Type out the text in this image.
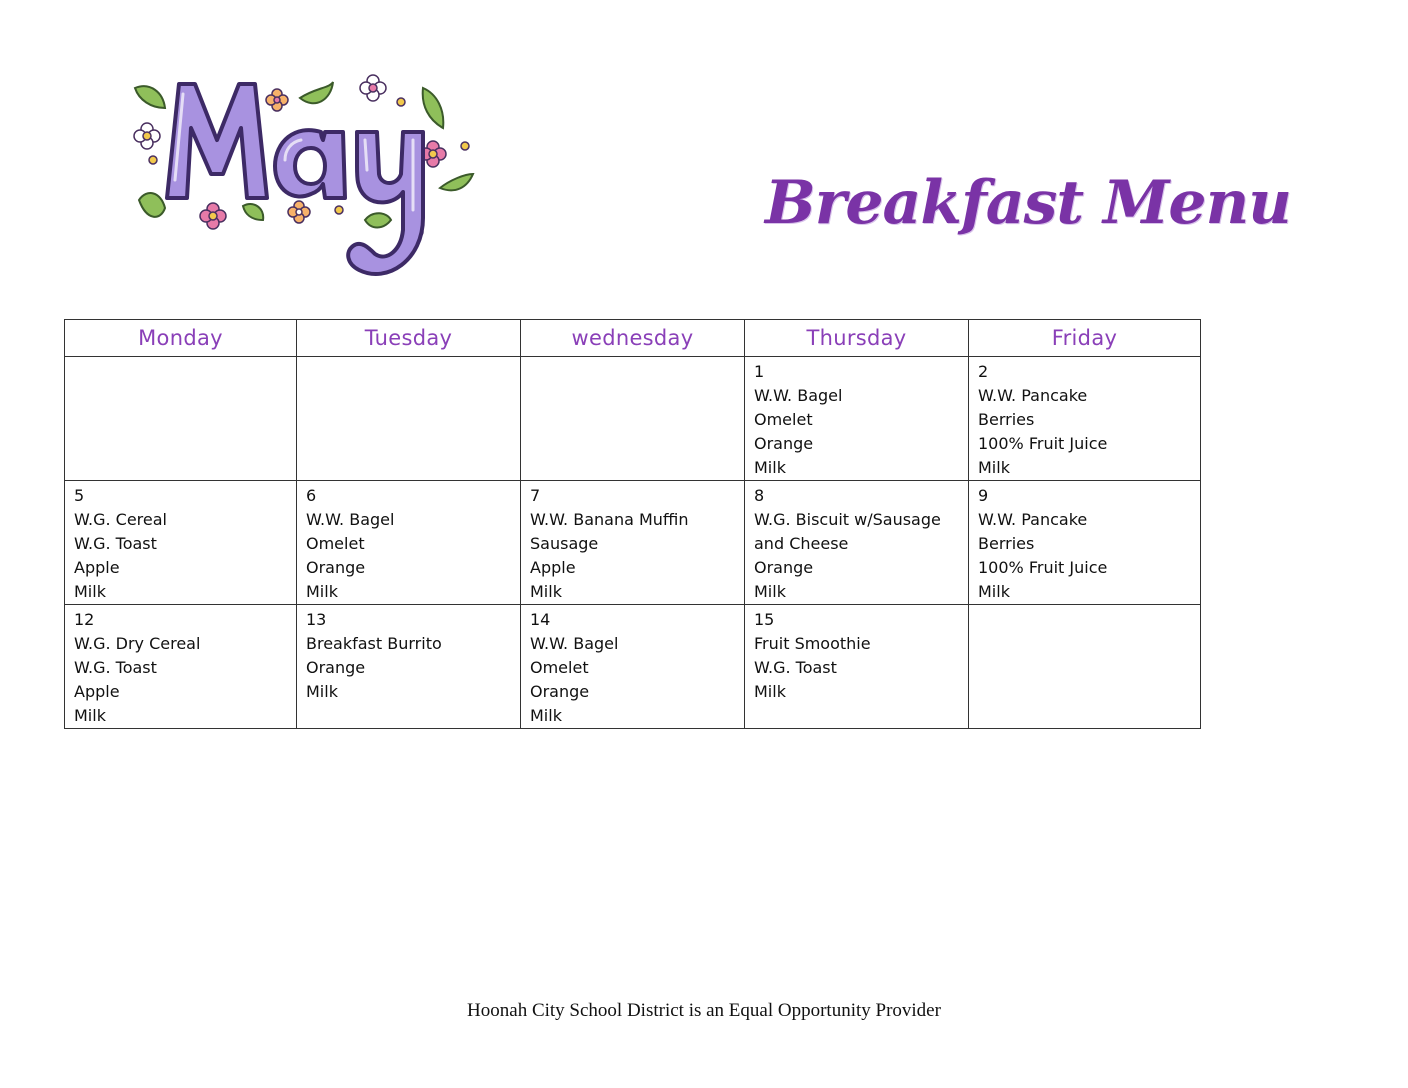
Breakfast Menu
Monday	Tuesday	wednesday	Thursday	Friday

			1
W.W. Bagel
Omelet
Orange
Milk	2
W.W. Pancake
Berries
100% Fruit Juice
Milk

5
W.G. Cereal
W.G. Toast
Apple
Milk	6
W.W. Bagel
Omelet
Orange
Milk	7
W.W. Banana Muffin
Sausage
Apple
Milk	8
W.G. Biscuit w/Sausage
and Cheese
Orange
Milk	9
W.W. Pancake
Berries
100% Fruit Juice
Milk

12
W.G. Dry Cereal
W.G. Toast
Apple
Milk	13
Breakfast Burrito
Orange
Milk	14
W.W. Bagel
Omelet
Orange
Milk	15
Fruit Smoothie
W.G. Toast
Milk	

Hoonah City School District is an Equal Opportunity Provider
